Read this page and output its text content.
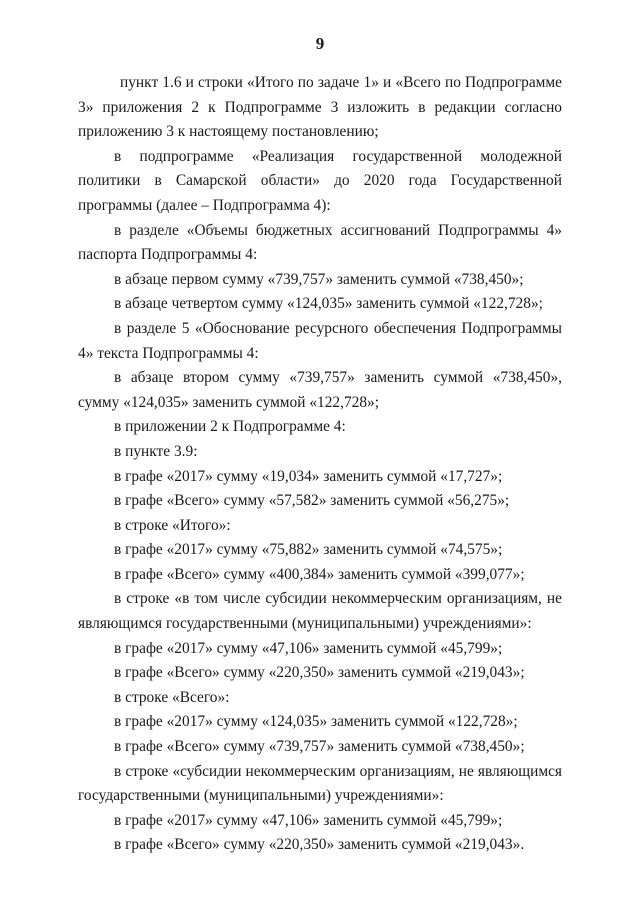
9

пункт 1.6 и строки «Итого по задаче 1» и «Всего по Подпрограмме 3» приложения 2 к Подпрограмме 3 изложить в редакции согласно приложению 3 к настоящему постановлению;

в подпрограмме «Реализация государственной молодежной политики в Самарской области» до 2020 года Государственной программы (далее – Подпрограмма 4):

в разделе «Объемы бюджетных ассигнований Подпрограммы 4» паспорта Подпрограммы 4:

в абзаце первом сумму «739,757» заменить суммой «738,450»;

в абзаце четвертом сумму «124,035» заменить суммой «122,728»;

в разделе 5 «Обоснование ресурсного обеспечения Подпрограммы 4» текста Подпрограммы 4:

в абзаце втором сумму «739,757» заменить суммой «738,450», сумму «124,035» заменить суммой «122,728»;

в приложении 2 к Подпрограмме 4:

в пункте 3.9:

в графе «2017» сумму «19,034» заменить суммой «17,727»;

в графе «Всего» сумму «57,582» заменить суммой «56,275»;

в строке «Итого»:

в графе «2017» сумму «75,882» заменить суммой «74,575»;

в графе «Всего» сумму «400,384» заменить суммой «399,077»;

в строке «в том числе субсидии некоммерческим организациям, не являющимся государственными (муниципальными) учреждениями»:

в графе «2017» сумму «47,106» заменить суммой «45,799»;

в графе «Всего» сумму «220,350» заменить суммой «219,043»;

в строке «Всего»:

в графе «2017» сумму «124,035» заменить суммой «122,728»;

в графе «Всего» сумму «739,757» заменить суммой «738,450»;

в строке «субсидии некоммерческим организациям, не являющимся государственными (муниципальными) учреждениями»:

в графе «2017» сумму «47,106» заменить суммой «45,799»;

в графе «Всего» сумму «220,350» заменить суммой «219,043».
